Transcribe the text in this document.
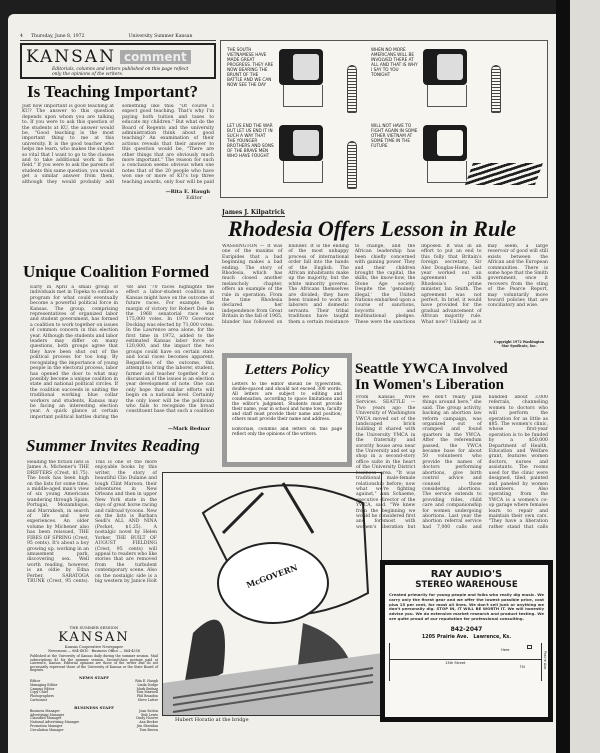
4 Thursday, June 8, 1972	University Summer Kansan
KANSAN comment
Editorials, columns and letters published on this page reflect only the opinions of the writers.
Is Teaching Important?
Just how important is good teaching at KU? The answer to this question depends upon whom you are talking to. If you were to ask this question of the students at KU, the answer would be, "Good teaching is the most important thing to me at this university. It is the good teacher who helps me learn, who makes the subject so vital that I want to go to the classes and to take additional work in the field." If you were to ask the parents of students this same question, you would get a similar answer from them, although they would probably add something like this: "Of course I expect good teaching. That's why I'm paying both tuition and taxes to educate my children." But what do the Board of Regents and the university administration think about good teaching? An examination of their actions reveals that their answer to this question would be, "There are other things that are obviously much more important." The reason for such a conclusion seems obvious when one notes that of the 20 people who have won one or more of KU's top three teaching awards, only four will be paid
—Rita E. Haugh
Editor
Unique Coalition Formed
Early in April a small group of individuals met in Topeka to outline a program for what could eventually become a powerful political force in Kansas. The group, comprising representatives of organized labor and student government, has formed a coalition to work together on issues of common concern in this election year. Although the students and labor leaders may differ on many questions, both groups agree that they have been shut out of the political process for too long. By recognizing the importance of young people in the electoral process, labor has opened the door to what may possibly become a unique coalition in state and national political circles. If the coalition succeeds in uniting the traditional working blue collar workers and students, Kansas may be facing an interesting election year. A quick glance at certain important political battles during the '68 and '70 races highlights the effect a labor-student coalition in Kansas might have on the outcome of future races. For example, the margin of victory for Robert Dole in the 1968 senatorial race was 175,000 votes. In 1970 Governor Docking was elected by 71,000 votes. In the Lawrence area alone, for the first time in 1972, added to the estimated Kansas labor force of 120,000, and the impact the two groups could have on certain state and local races becomes apparent. Regardless of the outcome, this attempt to bring the laborer, student, farmer and teacher together for a discussion of the issues is an election year development of note. One can only hope that similar efforts will begin on a national level. Certainly the only loser will be the politician who fails to recognize the broad constituent base that such a coalition
—Mark Bednar
Summer Invites Reading
Heading the fiction lists is James A. Michener's THE DRIFTERS (Crest, $1.75). The book has been high on the lists for some time, a middle-aged man's view of six young Americans wandering through Spain, Portugal, Mozambique, and Marrakesh, in search of life and new experiences. An older volume by Michener also has been reissued, THE FIRES OF SPRING (Crest, 95 cents). It's about a boy growing up, working in an amusement park, discovering sex. Well worth reading, however, is an oldie by Edna Ferber, SARATOGA TRUNK (Crest, 95 cents). This is one of the more enjoyable books by this writer, the story of beautiful Clio Dulaine and tough Clint Maroon, their adventures in New Orleans and then in upper New York state in the days of great horse racing and railroad tycoons. New on the lists is Barbara Seidl's ALL AND NINA (Pocket, $1.25). A nostalgic novel by Helen Yorker, THE BUILT OF AUGUST FIELDING (Crest, 95 cents) will appeal to readers who like stories that are removed from the turbulent contemporary scene. Also on the nostalgic side is a big western by Janice Holt
THE SUMMER SESSION
KANSAN
Kansas Cooperative Newspaper
Newsroom — 864-4810 · Business Office — 864-4358
Published at the University of Kansas daily during the summer session. Mail subscriptions $3 for the summer session. Second-class postage paid at Lawrence, Kansas. Editorial opinions are those of the writer and do not necessarily represent those of the University of Kansas or the State Board of Regents.
NEWS STAFF
Editor	Rita E. Haugh
Managing Editor	Linda Dodge
Campus Editor	Mark Bednar
Copy Chief	Tom Maxwell
Photographers	Phil Brandon
Cartoonist	Steve Lutter
BUSINESS STAFF
Business Manager	Joan Sutton
Advertising Manager	Bob Lewis
Classified Manager	Cindy Hoover
National Advertising Manager	Ann Becker
Promotion Manager	Jim Sheridan
Circulation Manager	Tom Brown
McGOVERN
Hubert Horatio at the bridge
THE SOUTH VIETNAMESE HAVE MADE GREAT PROGRESS. THEY ARE NOW BEARING THE BRUNT OF THE BATTLE AND WE CAN NOW SEE THE DAY
WHEN NO MORE AMERICANS WILL BE INVOLVED THERE AT ALL AND THAT IS WHY I SAY TO YOU TONIGHT
LET US END THE WAR BUT LET US END IT IN SUCH A WAY THAT THE YOUNGER BROTHERS AND SONS OF THE BRAVE MEN WHO HAVE FOUGHT
WILL NOT HAVE TO FIGHT AGAIN IN SOME OTHER VIETNAM AT SOME TIME IN THE FUTURE
James J. Kilpatrick
Rhodesia Offers Lesson in Rule
WASHINGTON — It was one of the maxims of Euripides that a bad beginning makes a bad ending. The story of Rhodesia, which has much closed another melancholy chapter, offers an example of the rule in operation. From the time Rhodesia declared her independence from Great Britain in the fall of 1965, blunder has followed on blunder. It is the ending of the most unhappy process of international order fall into the hands of the English. The African inhabitants make up the majority, but the white minority governs. The Africans themselves are divided; they have been trained to work as laborers and domestic servants. Their tribal traditions have taught them a certain resistance to change, and the African leadership has been chiefly concerned with gaining power. They and their children brought the capital, the skills, the know-how, the Stone Age society. Despite the 'genuinely illegal,' the United Nations embarked upon a course of sanctions, boycotts and multinational pledges. These were the sanctions imposed. It was in an effort to put an end to this folly that Britain's foreign secretary, Sir Alec Douglas-Home, last year worked out an agreement with Rhodesia's prime minister, Ian Smith. The agreement was not perfect. In brief, it would have provided for the gradual advancement of African majority rule. What now? Unlikely as it may seem, a large reservoir of good will still exists between the African and the European communities. There is some hope that the Smith government, once it recovers from the sting of the Pearce Report, may voluntarily move toward policies that are conciliatory and wise.
Copyright 1972 Washington Star Syndicate, Inc.
Letters Policy
Letters to the editor should be typewritten, double-spaced and should not exceed 300 words. All letters are subject to editing and condensation, according to space limitations and the editor's judgment. Students must provide their name, year in school and home town; faculty and staff must provide their name and position; others must provide their name and address.
Editorials, columns and letters on this page reflect only the opinions of the writers.
Seattle YWCA Involved
In Women's Liberation
From Kansas Wire Services. SEATTLE — Two years ago the University of Washington YWCA moved out of the landscaped brick building it shared with the University YMCA in the fraternity and sorority house area near the University and set up shop in a second-story office suite in the heart of the University District business area. "It was traditional male-female relationship before; now what we're fighting against," Ann Schaeme, executive director of the YWCA, said. "We knew from the beginning we would be considered first and foremost with women's liberation but we don't really plan things around here," she said. The group activity, backing an abortion law reform campaign, was organized out of cramped and found quarters in the YWCA. After the referendum passed, the YWCA became base for about 50 volunteers who provide the names of doctors performing abortions, give birth control advice and counsel those considering abortions. The service extends to providing rides, child care and companionship for women undergoing abortions. Last year the abortion referral service had 7,000 calls and handled about 3,000 referrals, channeling women to doctors who will perform the operation for as little as $85. The women's clinic, whose first-year operation is to be funded by a $50,000 Department of Health, Education and Welfare grant, features women doctors, nurses and assistants. The rooms used for the clinic were designed, tiled, painted and paneled by women volunteers. Also operating from the YWCA is a women's co-op garage where females learn to repair and maintain their own cars. "They have a liberation rather stand that calls
RAY AUDIO'S
STEREO WAREHOUSE
Created primarily for young people and folks who really dig music. We carry only the finest gear and we offer the lowest possible price, cost plus 15 per cent, for most all lines. We don't sell junk or anything we don't personally dig. STOP IN, IT WILL BE WORTH IT. We will honestly advise you. We do extensive market research and product testing. We are quite proud of our reputation for professional consulting.
842-2047
1205 Prairie Ave.   Lawrence, Ks.
13th Street
Here
Prairie Ave.
↑N
